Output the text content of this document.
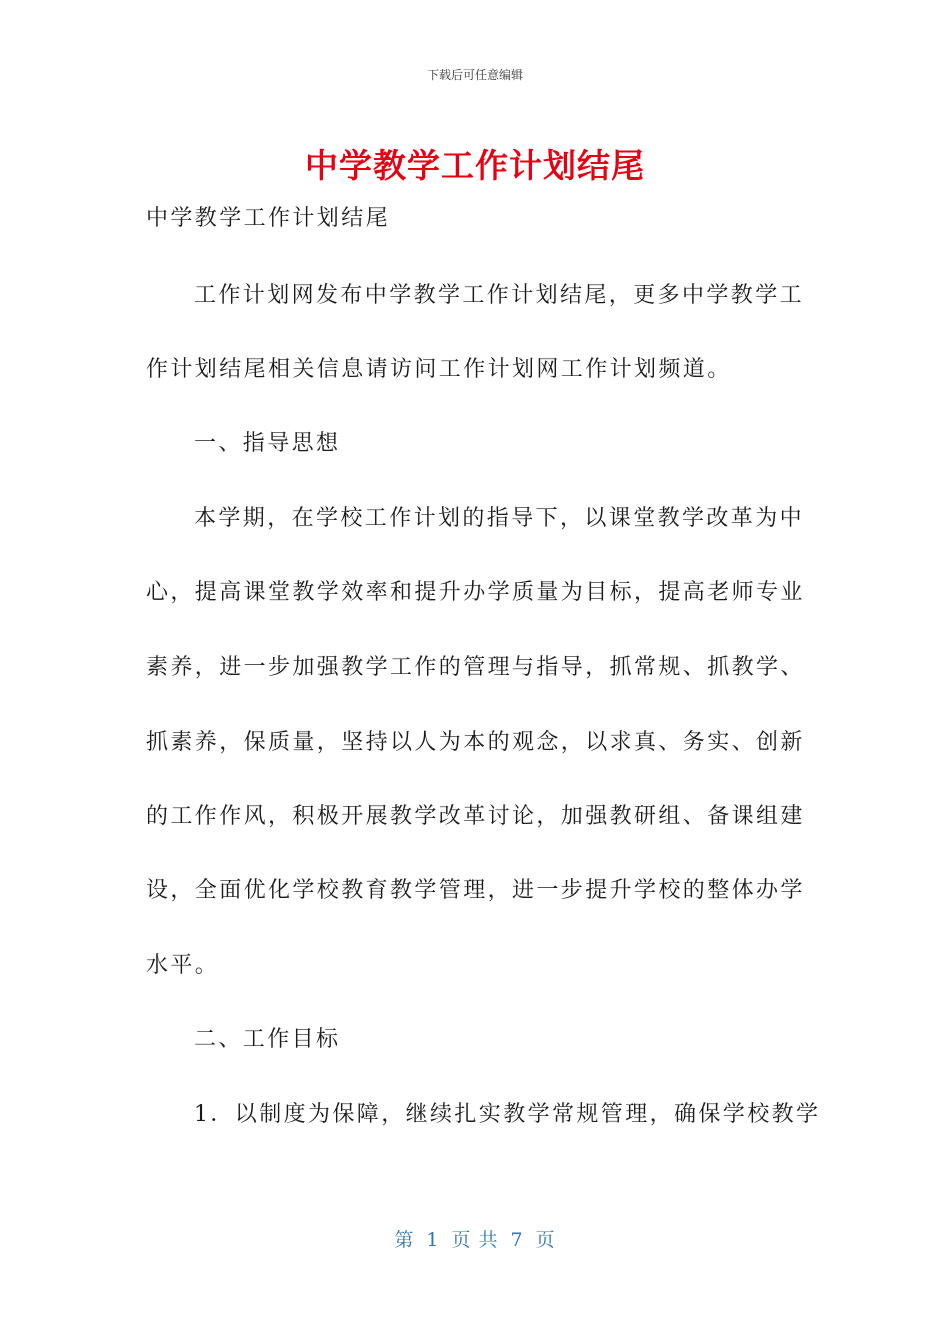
下载后可任意编辑
中学教学工作计划结尾
中学教学工作计划结尾
工作计划网发布中学教学工作计划结尾，更多中学教学工
作计划结尾相关信息请访问工作计划网工作计划频道。
一、指导思想
本学期，在学校工作计划的指导下，以课堂教学改革为中
心，提高课堂教学效率和提升办学质量为目标，提高老师专业
素养，进一步加强教学工作的管理与指导，抓常规、抓教学、
抓素养，保质量，坚持以人为本的观念，以求真、务实、创新
的工作作风，积极开展教学改革讨论，加强教研组、备课组建
设，全面优化学校教育教学管理，进一步提升学校的整体办学
水平。
二、工作目标
1．以制度为保障，继续扎实教学常规管理，确保学校教学
第 1 页 共 7 页
